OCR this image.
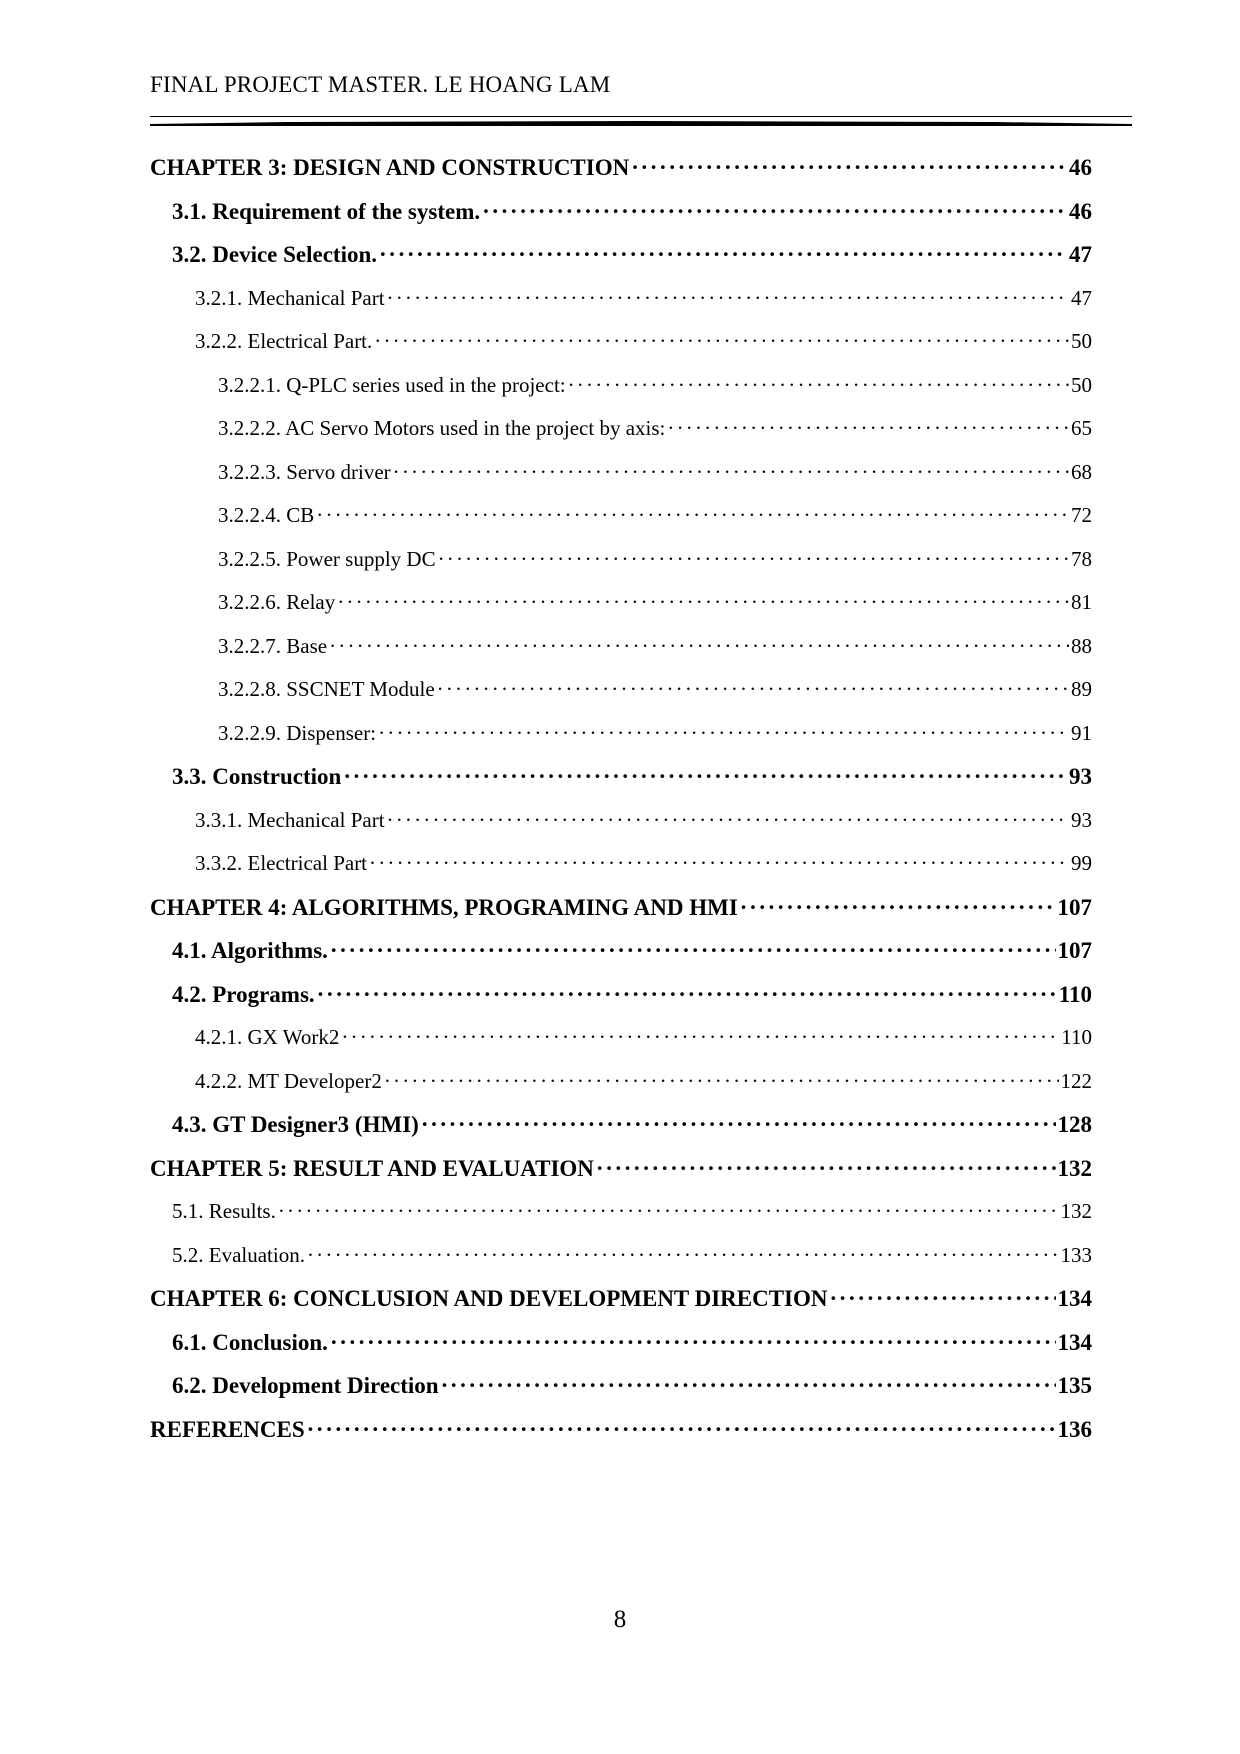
FINAL PROJECT MASTER. LE HOANG LAM
CHAPTER 3: DESIGN AND CONSTRUCTION ·····	46
3.1. Requirement of the system. ·····	46
3.2. Device Selection. ·····	47
3.2.1. Mechanical Part ·····	47
3.2.2. Electrical Part. ·····	50
3.2.2.1. Q-PLC series used in the project: ·····	50
3.2.2.2. AC Servo Motors used in the project by axis: ·····	65
3.2.2.3. Servo driver ·····	68
3.2.2.4. CB ·····	72
3.2.2.5. Power supply DC ·····	78
3.2.2.6. Relay ·····	81
3.2.2.7. Base ·····	88
3.2.2.8. SSCNET Module ·····	89
3.2.2.9. Dispenser: ·····	91
3.3. Construction ·····	93
3.3.1. Mechanical Part ·····	93
3.3.2. Electrical Part ·····	99
CHAPTER 4: ALGORITHMS, PROGRAMING AND HMI ·····	107
4.1. Algorithms. ·····	107
4.2. Programs. ·····	110
4.2.1. GX Work2 ·····	110
4.2.2. MT Developer2 ·····	122
4.3. GT Designer3 (HMI) ·····	128
CHAPTER 5: RESULT AND EVALUATION ·····	132
5.1. Results. ·····	132
5.2. Evaluation. ·····	133
CHAPTER 6: CONCLUSION AND DEVELOPMENT DIRECTION ·····	134
6.1. Conclusion. ·····	134
6.2. Development Direction ·····	135
REFERENCES ·····	136
8
